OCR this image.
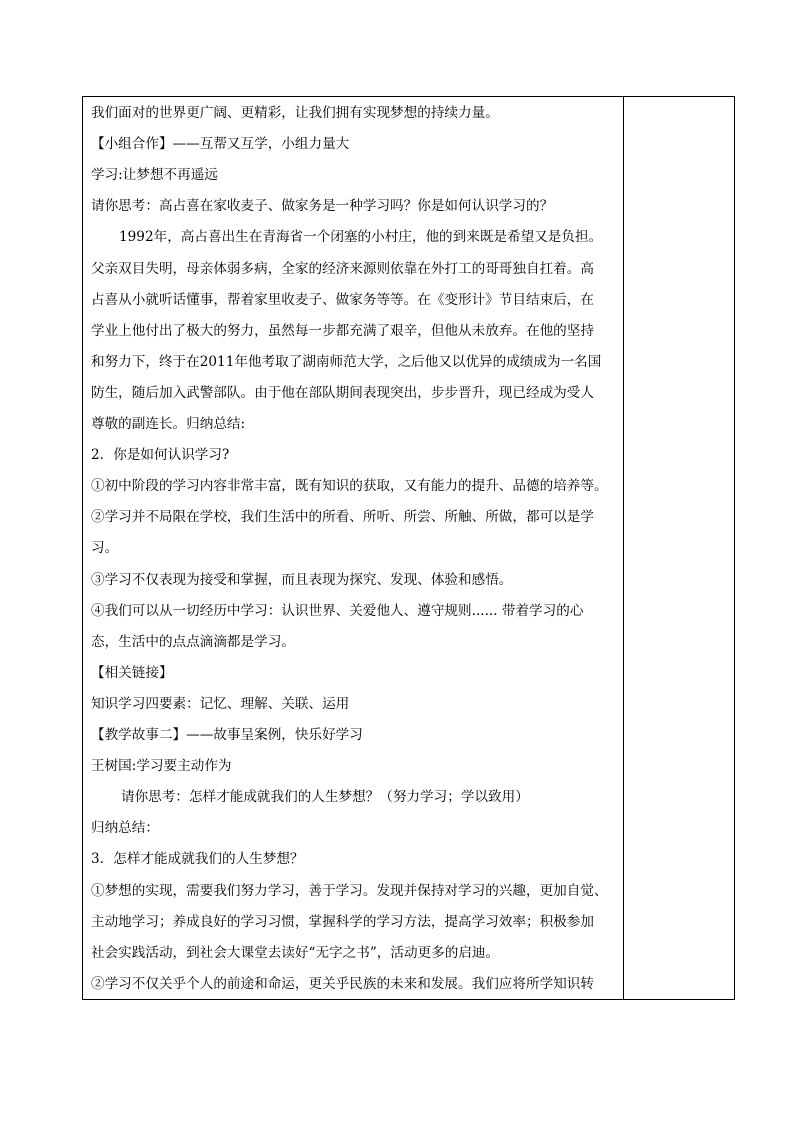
我们面对的世界更广阔、更精彩，让我们拥有实现梦想的持续力量。
【小组合作】——互帮又互学，小组力量大
学习:让梦想不再遥远
请你思考：高占喜在家收麦子、做家务是一种学习吗？你是如何认识学习的？
1992年，高占喜出生在青海省一个闭塞的小村庄，他的到来既是希望又是负担。
父亲双目失明，母亲体弱多病，全家的经济来源则依靠在外打工的哥哥独自扛着。高
占喜从小就听话懂事，帮着家里收麦子、做家务等等。在《变形计》节目结束后，在
学业上他付出了极大的努力，虽然每一步都充满了艰辛，但他从未放弃。在他的坚持
和努力下，终于在2011年他考取了湖南师范大学，之后他又以优异的成绩成为一名国
防生，随后加入武警部队。由于他在部队期间表现突出，步步晋升，现已经成为受人
尊敬的副连长。归纳总结:
2．你是如何认识学习?
①初中阶段的学习内容非常丰富，既有知识的获取，又有能力的提升、品德的培养等。
②学习并不局限在学校，我们生活中的所看、所听、所尝、所触、所做，都可以是学
习。
③学习不仅表现为接受和掌握，而且表现为探究、发现、体验和感悟。
④我们可以从一切经历中学习：认识世界、关爱他人、遵守规则...... 带着学习的心
态，生活中的点点滴滴都是学习。
【相关链接】
知识学习四要素：记忆、理解、关联、运用
【教学故事二】——故事呈案例，快乐好学习
王树国:学习要主动作为
请你思考：怎样才能成就我们的人生梦想？（努力学习；学以致用）
归纳总结：
3．怎样才能成就我们的人生梦想？
①梦想的实现，需要我们努力学习，善于学习。发现并保持对学习的兴趣，更加自觉、
主动地学习；养成良好的学习习惯，掌握科学的学习方法，提高学习效率；积极参加
社会实践活动，到社会大课堂去读好“无字之书”，活动更多的启迪。
②学习不仅关乎个人的前途和命运，更关乎民族的未来和发展。我们应将所学知识转
